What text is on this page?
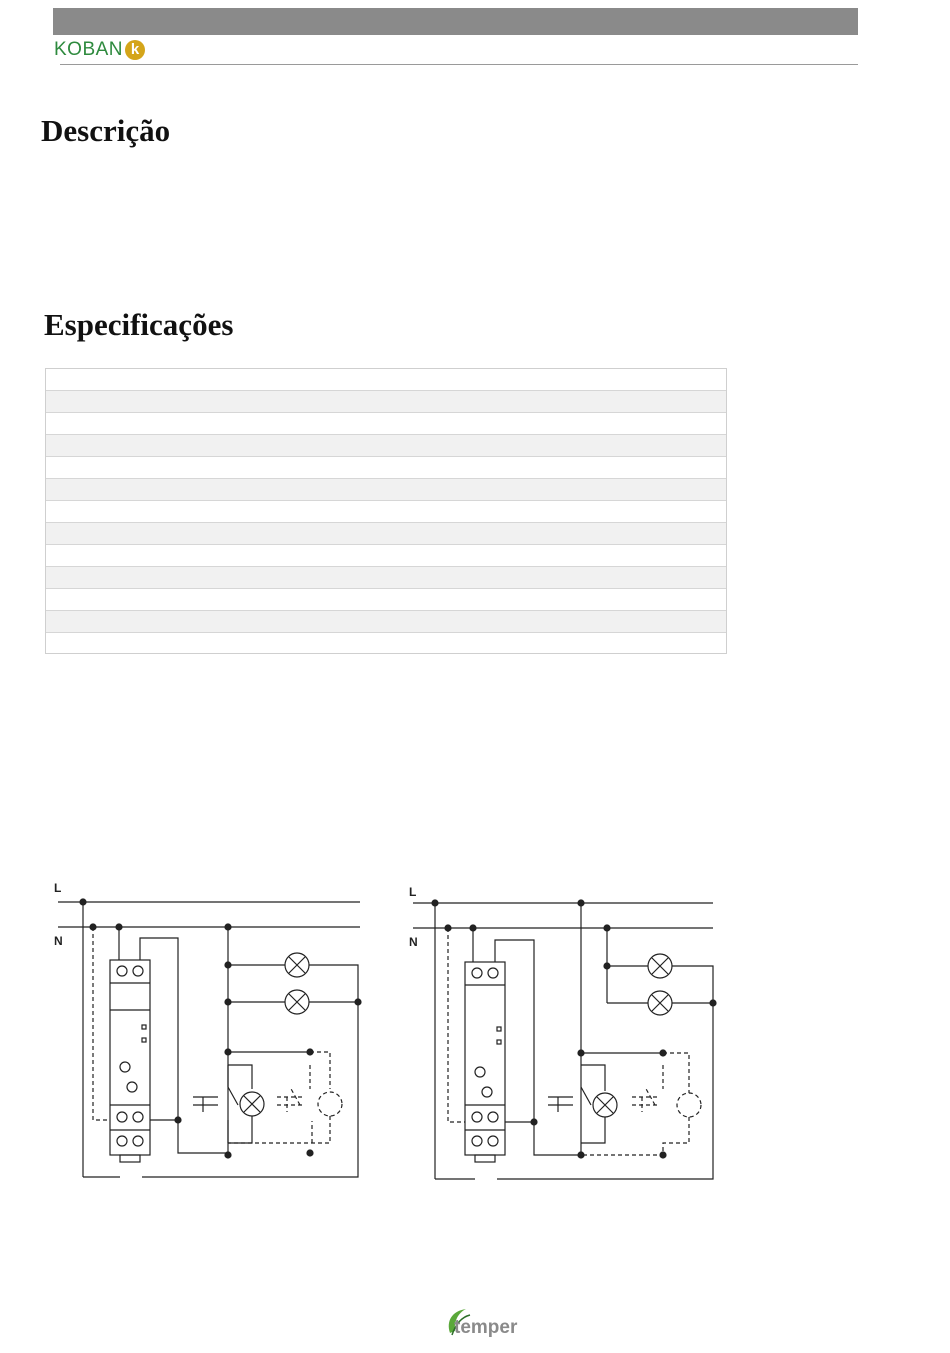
KOBAN k
Descrição
Especificações
L
N
L
N
temper
